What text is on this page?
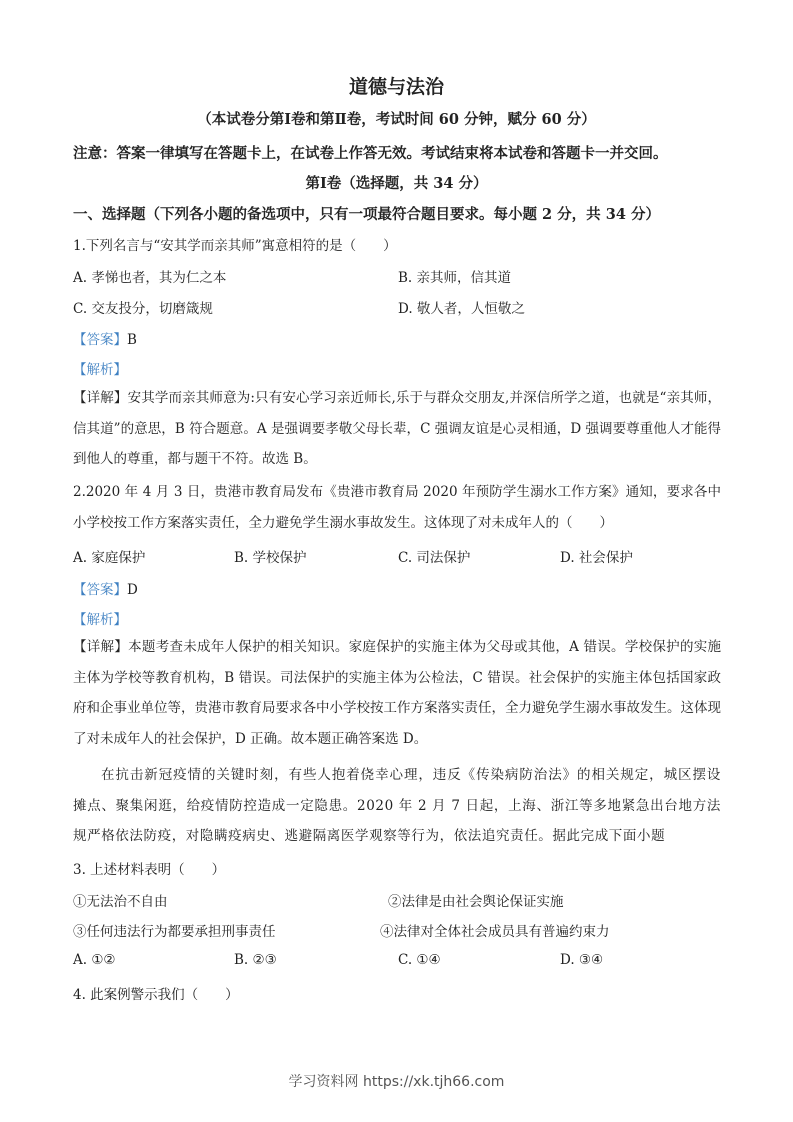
道德与法治
（本试卷分第Ⅰ卷和第Ⅱ卷，考试时间 60 分钟，赋分 60 分）
注意：答案一律填写在答题卡上，在试卷上作答无效。考试结束将本试卷和答题卡一并交回。
第Ⅰ卷（选择题，共 34 分）
一、选择题（下列各小题的备选项中，只有一项最符合题目要求。每小题 2 分，共 34 分）
1.下列名言与“安其学而亲其师”寓意相符的是（　　）
A. 孝悌也者，其为仁之本	B. 亲其师，信其道
C. 交友投分，切磨箴规	D. 敬人者，人恒敬之
【答案】B
【解析】
【详解】安其学而亲其师意为:只有安心学习亲近师长,乐于与群众交朋友,并深信所学之道，也就是“亲其师，信其道”的意思，B 符合题意。A 是强调要孝敬父母长辈，C 强调友谊是心灵相通，D 强调要尊重他人才能得到他人的尊重，都与题干不符。故选 B。
2.2020 年 4 月 3 日，贵港市教育局发布《贵港市教育局 2020 年预防学生溺水工作方案》通知，要求各中小学校按工作方案落实责任，全力避免学生溺水事故发生。这体现了对未成年人的（　　）
A. 家庭保护	B. 学校保护	C. 司法保护	D. 社会保护
【答案】D
【解析】
【详解】本题考查未成年人保护的相关知识。家庭保护的实施主体为父母或其他，A 错误。学校保护的实施主体为学校等教育机构，B 错误。司法保护的实施主体为公检法，C 错误。社会保护的实施主体包括国家政府和企事业单位等，贵港市教育局要求各中小学校按工作方案落实责任，全力避免学生溺水事故发生。这体现了对未成年人的社会保护，D 正确。故本题正确答案选 D。
在抗击新冠疫情的关键时刻，有些人抱着侥幸心理，违反《传染病防治法》的相关规定，城区摆设摊点、聚集闲逛，给疫情防控造成一定隐患。2020 年 2 月 7 日起，上海、浙江等多地紧急出台地方法规严格依法防疫，对隐瞒疫病史、逃避隔离医学观察等行为，依法追究责任。据此完成下面小题
3. 上述材料表明（　　）
①无法治不自由	②法律是由社会舆论保证实施
③任何违法行为都要承担刑事责任	④法律对全体社会成员具有普遍约束力
A. ①②	B. ②③	C. ①④	D. ③④
4. 此案例警示我们（　　）
学习资料网 https://xk.tjh66.com
